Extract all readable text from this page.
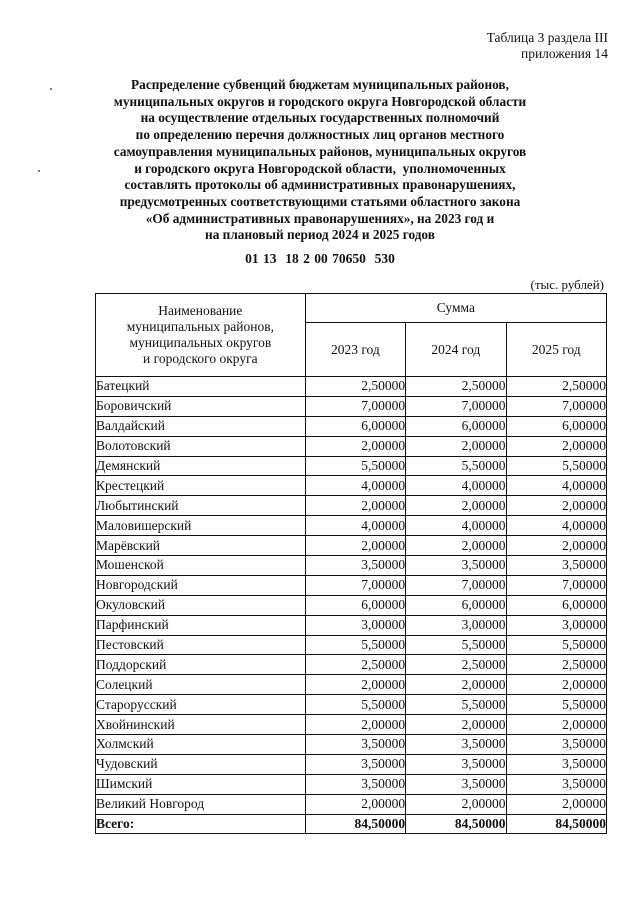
Таблица 3 раздела III
приложения 14
Распределение субвенций бюджетам муниципальных районов,
муниципальных округов и городского округа Новгородской области
на осуществление отдельных государственных полномочий
по определению перечня должностных лиц органов местного
самоуправления муниципальных районов, муниципальных округов
и городского округа Новгородской области,  уполномоченных
составлять протоколы об административных правонарушениях,
предусмотренных соответствующими статьями областного закона
«Об административных правонарушениях», на 2023 год и
на плановый период 2024 и 2025 годов
01 13  18 2 00 70650  530
(тыс. рублей)
Наименование
муниципальных районов,
муниципальных округов
и городского округа	Сумма		
	2023 год	2024 год	2025 год
Батецкий	2,50000	2,50000	2,50000
Боровичский	7,00000	7,00000	7,00000
Валдайский	6,00000	6,00000	6,00000
Волотовский	2,00000	2,00000	2,00000
Демянский	5,50000	5,50000	5,50000
Крестецкий	4,00000	4,00000	4,00000
Любытинский	2,00000	2,00000	2,00000
Маловишерский	4,00000	4,00000	4,00000
Марёвский	2,00000	2,00000	2,00000
Мошенской	3,50000	3,50000	3,50000
Новгородский	7,00000	7,00000	7,00000
Окуловский	6,00000	6,00000	6,00000
Парфинский	3,00000	3,00000	3,00000
Пестовский	5,50000	5,50000	5,50000
Поддорский	2,50000	2,50000	2,50000
Солецкий	2,00000	2,00000	2,00000
Старорусский	5,50000	5,50000	5,50000
Хвойнинский	2,00000	2,00000	2,00000
Холмский	3,50000	3,50000	3,50000
Чудовский	3,50000	3,50000	3,50000
Шимский	3,50000	3,50000	3,50000
Великий Новгород	2,00000	2,00000	2,00000
Всего:	84,50000	84,50000	84,50000
